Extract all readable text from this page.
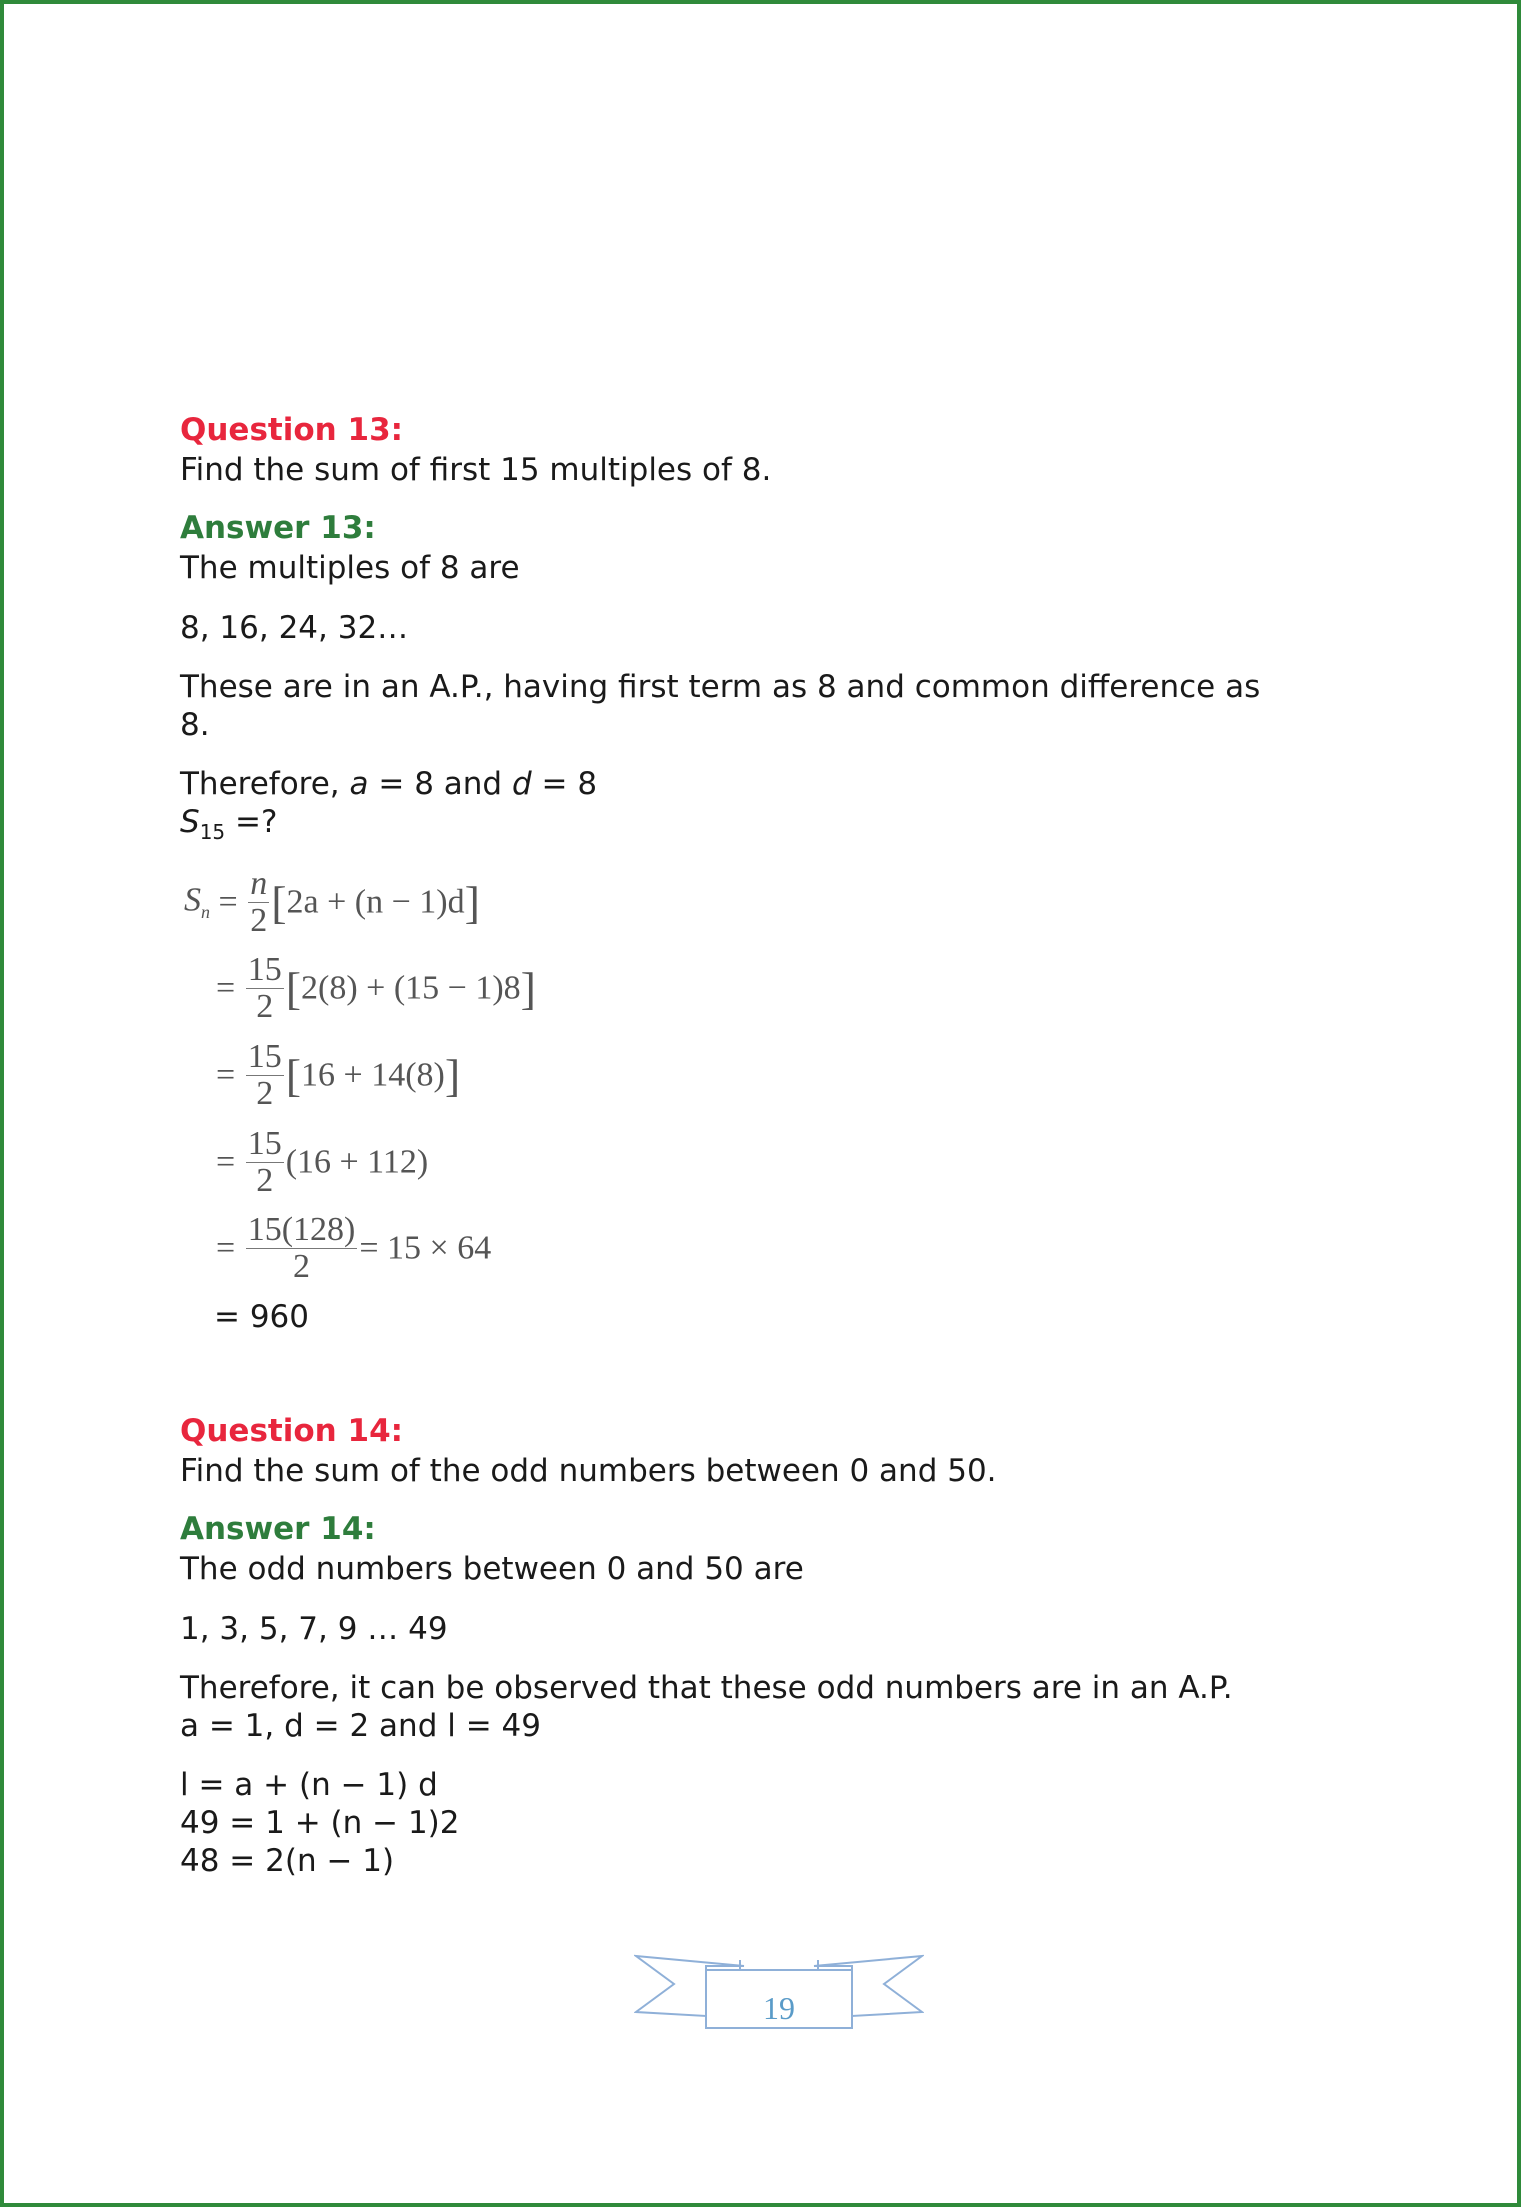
Question 13:
Find the sum of first 15 multiples of 8.
Answer 13:
The multiples of 8 are
8, 16, 24, 32…
These are in an A.P., having first term as 8 and common difference as
8.
Therefore, a = 8 and d = 8
$S_{15}$ =?
$S_n = \frac{n}{2} [2a + (n - 1)d]$
= $\frac{15}{2} [2(8) + (15 - 1)8]$
= $\frac{15}{2} [16 + 14(8)]$
= $\frac{15}{2} (16 + 112)$
= $\frac{15(128)}{2} = 15 \times 64$
= 960
Question 14:
Find the sum of the odd numbers between 0 and 50.
Answer 14:
The odd numbers between 0 and 50 are
1, 3, 5, 7, 9 … 49
Therefore, it can be observed that these odd numbers are in an A.P.
a = 1, d = 2 and l = 49
l = a + (n − 1) d
49 = 1 + (n − 1)2
48 = 2(n − 1)
19
